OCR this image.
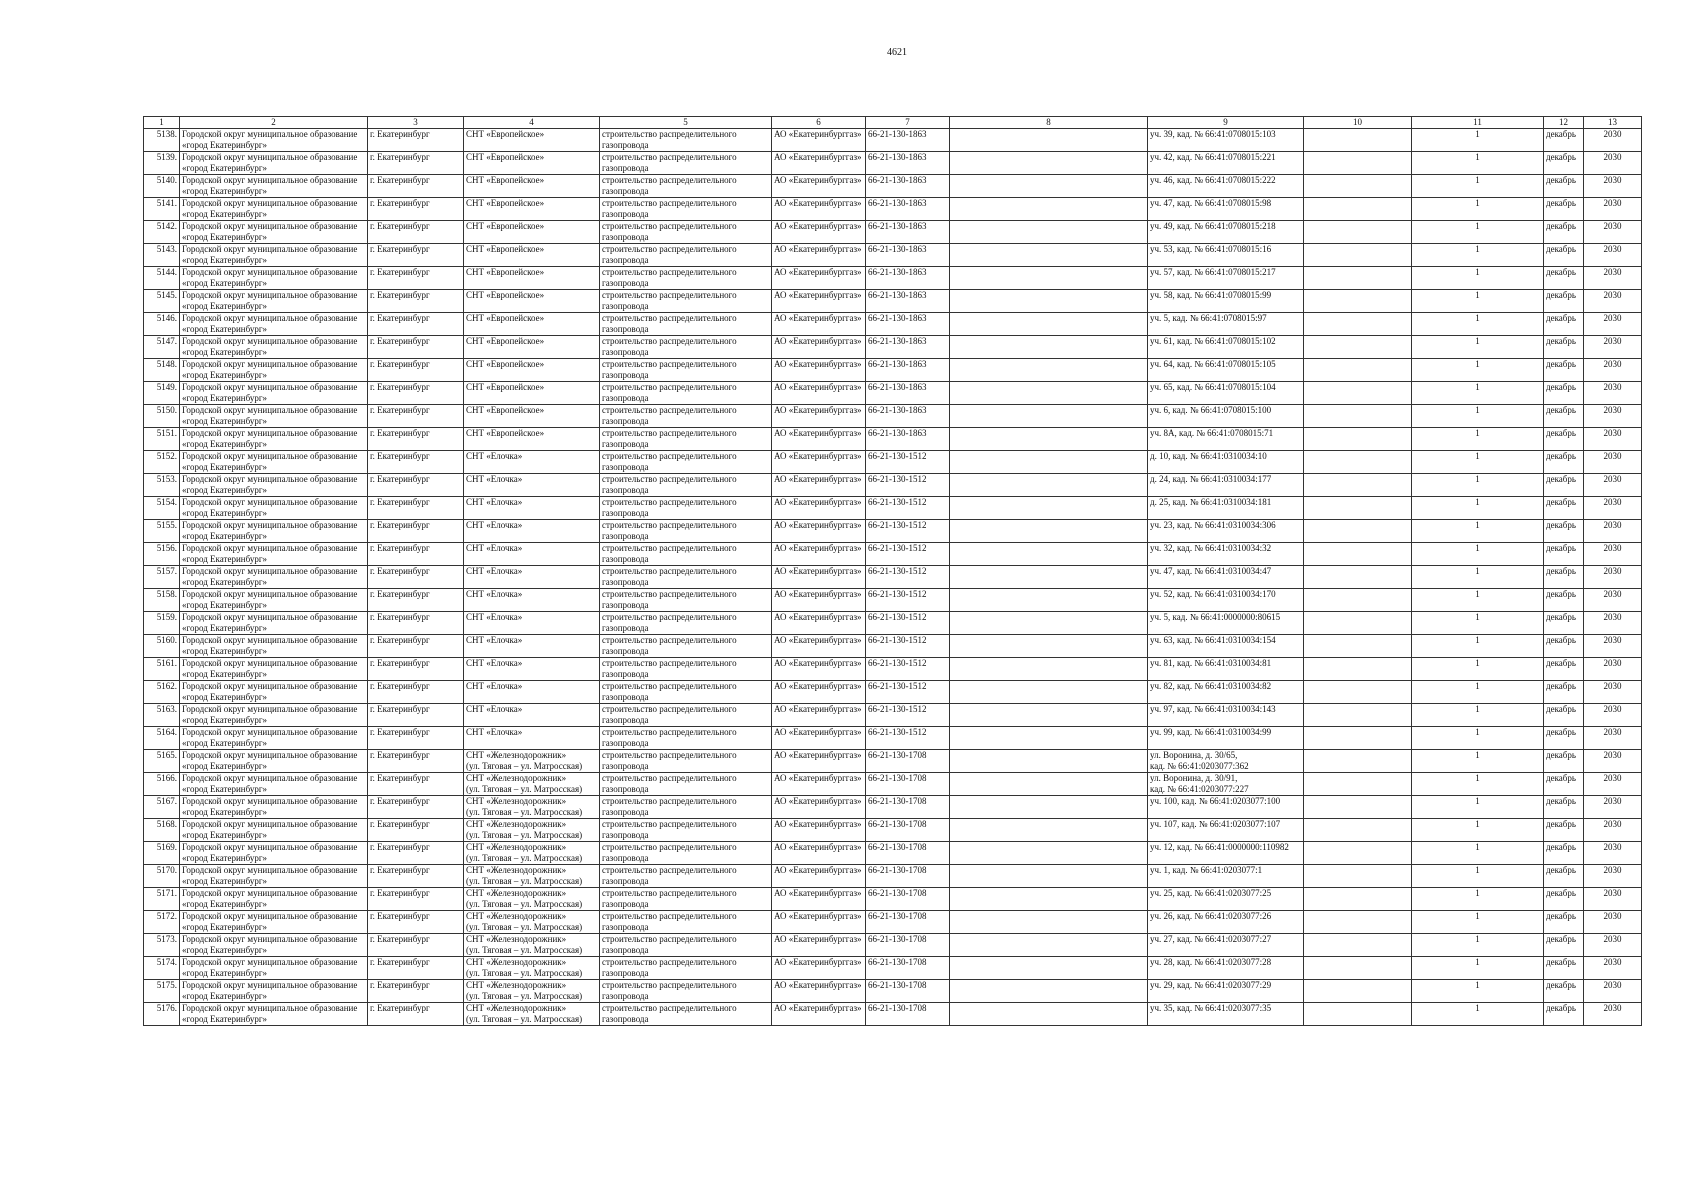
4621
1	2	3	4	5	6	7	8	9	10	11	12	13

5138.	Городской округ муниципальное образование
«город Екатеринбург»	г. Екатеринбург	СНТ «Европейское»	строительство распределительного
газопровода	АО «Екатеринбурггаз»	66-21-130-1863		уч. 39, кад. № 66:41:0708015:103		1	декабрь	2030

5139.	Городской округ муниципальное образование
«город Екатеринбург»	г. Екатеринбург	СНТ «Европейское»	строительство распределительного
газопровода	АО «Екатеринбурггаз»	66-21-130-1863		уч. 42, кад. № 66:41:0708015:221		1	декабрь	2030

5140.	Городской округ муниципальное образование
«город Екатеринбург»	г. Екатеринбург	СНТ «Европейское»	строительство распределительного
газопровода	АО «Екатеринбурггаз»	66-21-130-1863		уч. 46, кад. № 66:41:0708015:222		1	декабрь	2030

5141.	Городской округ муниципальное образование
«город Екатеринбург»	г. Екатеринбург	СНТ «Европейское»	строительство распределительного
газопровода	АО «Екатеринбурггаз»	66-21-130-1863		уч. 47, кад. № 66:41:0708015:98		1	декабрь	2030

5142.	Городской округ муниципальное образование
«город Екатеринбург»	г. Екатеринбург	СНТ «Европейское»	строительство распределительного
газопровода	АО «Екатеринбурггаз»	66-21-130-1863		уч. 49, кад. № 66:41:0708015:218		1	декабрь	2030

5143.	Городской округ муниципальное образование
«город Екатеринбург»	г. Екатеринбург	СНТ «Европейское»	строительство распределительного
газопровода	АО «Екатеринбурггаз»	66-21-130-1863		уч. 53, кад. № 66:41:0708015:16		1	декабрь	2030

5144.	Городской округ муниципальное образование
«город Екатеринбург»	г. Екатеринбург	СНТ «Европейское»	строительство распределительного
газопровода	АО «Екатеринбурггаз»	66-21-130-1863		уч. 57, кад. № 66:41:0708015:217		1	декабрь	2030

5145.	Городской округ муниципальное образование
«город Екатеринбург»	г. Екатеринбург	СНТ «Европейское»	строительство распределительного
газопровода	АО «Екатеринбурггаз»	66-21-130-1863		уч. 58, кад. № 66:41:0708015:99		1	декабрь	2030

5146.	Городской округ муниципальное образование
«город Екатеринбург»	г. Екатеринбург	СНТ «Европейское»	строительство распределительного
газопровода	АО «Екатеринбурггаз»	66-21-130-1863		уч. 5, кад. № 66:41:0708015:97		1	декабрь	2030

5147.	Городской округ муниципальное образование
«город Екатеринбург»	г. Екатеринбург	СНТ «Европейское»	строительство распределительного
газопровода	АО «Екатеринбурггаз»	66-21-130-1863		уч. 61, кад. № 66:41:0708015:102		1	декабрь	2030

5148.	Городской округ муниципальное образование
«город Екатеринбург»	г. Екатеринбург	СНТ «Европейское»	строительство распределительного
газопровода	АО «Екатеринбурггаз»	66-21-130-1863		уч. 64, кад. № 66:41:0708015:105		1	декабрь	2030

5149.	Городской округ муниципальное образование
«город Екатеринбург»	г. Екатеринбург	СНТ «Европейское»	строительство распределительного
газопровода	АО «Екатеринбурггаз»	66-21-130-1863		уч. 65, кад. № 66:41:0708015:104		1	декабрь	2030

5150.	Городской округ муниципальное образование
«город Екатеринбург»	г. Екатеринбург	СНТ «Европейское»	строительство распределительного
газопровода	АО «Екатеринбурггаз»	66-21-130-1863		уч. 6, кад. № 66:41:0708015:100		1	декабрь	2030

5151.	Городской округ муниципальное образование
«город Екатеринбург»	г. Екатеринбург	СНТ «Европейское»	строительство распределительного
газопровода	АО «Екатеринбурггаз»	66-21-130-1863		уч. 8А, кад. № 66:41:0708015:71		1	декабрь	2030

5152.	Городской округ муниципальное образование
«город Екатеринбург»	г. Екатеринбург	СНТ «Елочка»	строительство распределительного
газопровода	АО «Екатеринбурггаз»	66-21-130-1512		д. 10, кад. № 66:41:0310034:10		1	декабрь	2030

5153.	Городской округ муниципальное образование
«город Екатеринбург»	г. Екатеринбург	СНТ «Елочка»	строительство распределительного
газопровода	АО «Екатеринбурггаз»	66-21-130-1512		д. 24, кад. № 66:41:0310034:177		1	декабрь	2030

5154.	Городской округ муниципальное образование
«город Екатеринбург»	г. Екатеринбург	СНТ «Елочка»	строительство распределительного
газопровода	АО «Екатеринбурггаз»	66-21-130-1512		д. 25, кад. № 66:41:0310034:181		1	декабрь	2030

5155.	Городской округ муниципальное образование
«город Екатеринбург»	г. Екатеринбург	СНТ «Елочка»	строительство распределительного
газопровода	АО «Екатеринбурггаз»	66-21-130-1512		уч. 23, кад. № 66:41:0310034:306		1	декабрь	2030

5156.	Городской округ муниципальное образование
«город Екатеринбург»	г. Екатеринбург	СНТ «Елочка»	строительство распределительного
газопровода	АО «Екатеринбурггаз»	66-21-130-1512		уч. 32, кад. № 66:41:0310034:32		1	декабрь	2030

5157.	Городской округ муниципальное образование
«город Екатеринбург»	г. Екатеринбург	СНТ «Елочка»	строительство распределительного
газопровода	АО «Екатеринбурггаз»	66-21-130-1512		уч. 47, кад. № 66:41:0310034:47		1	декабрь	2030

5158.	Городской округ муниципальное образование
«город Екатеринбург»	г. Екатеринбург	СНТ «Елочка»	строительство распределительного
газопровода	АО «Екатеринбурггаз»	66-21-130-1512		уч. 52, кад. № 66:41:0310034:170		1	декабрь	2030

5159.	Городской округ муниципальное образование
«город Екатеринбург»	г. Екатеринбург	СНТ «Елочка»	строительство распределительного
газопровода	АО «Екатеринбурггаз»	66-21-130-1512		уч. 5, кад. № 66:41:0000000:80615		1	декабрь	2030

5160.	Городской округ муниципальное образование
«город Екатеринбург»	г. Екатеринбург	СНТ «Елочка»	строительство распределительного
газопровода	АО «Екатеринбурггаз»	66-21-130-1512		уч. 63, кад. № 66:41:0310034:154		1	декабрь	2030

5161.	Городской округ муниципальное образование
«город Екатеринбург»	г. Екатеринбург	СНТ «Елочка»	строительство распределительного
газопровода	АО «Екатеринбурггаз»	66-21-130-1512		уч. 81, кад. № 66:41:0310034:81		1	декабрь	2030

5162.	Городской округ муниципальное образование
«город Екатеринбург»	г. Екатеринбург	СНТ «Елочка»	строительство распределительного
газопровода	АО «Екатеринбурггаз»	66-21-130-1512		уч. 82, кад. № 66:41:0310034:82		1	декабрь	2030

5163.	Городской округ муниципальное образование
«город Екатеринбург»	г. Екатеринбург	СНТ «Елочка»	строительство распределительного
газопровода	АО «Екатеринбурггаз»	66-21-130-1512		уч. 97, кад. № 66:41:0310034:143		1	декабрь	2030

5164.	Городской округ муниципальное образование
«город Екатеринбург»	г. Екатеринбург	СНТ «Елочка»	строительство распределительного
газопровода	АО «Екатеринбурггаз»	66-21-130-1512		уч. 99, кад. № 66:41:0310034:99		1	декабрь	2030

5165.	Городской округ муниципальное образование
«город Екатеринбург»	г. Екатеринбург	СНТ «Железнодорожник»
(ул. Тяговая – ул. Матросская)	строительство распределительного
газопровода	АО «Екатеринбурггаз»	66-21-130-1708		ул. Воронина, д. 30/65,
кад. № 66:41:0203077:362		1	декабрь	2030

5166.	Городской округ муниципальное образование
«город Екатеринбург»	г. Екатеринбург	СНТ «Железнодорожник»
(ул. Тяговая – ул. Матросская)	строительство распределительного
газопровода	АО «Екатеринбурггаз»	66-21-130-1708		ул. Воронина, д. 30/91,
кад. № 66:41:0203077:227		1	декабрь	2030

5167.	Городской округ муниципальное образование
«город Екатеринбург»	г. Екатеринбург	СНТ «Железнодорожник»
(ул. Тяговая – ул. Матросская)	строительство распределительного
газопровода	АО «Екатеринбурггаз»	66-21-130-1708		уч. 100, кад. № 66:41:0203077:100		1	декабрь	2030

5168.	Городской округ муниципальное образование
«город Екатеринбург»	г. Екатеринбург	СНТ «Железнодорожник»
(ул. Тяговая – ул. Матросская)	строительство распределительного
газопровода	АО «Екатеринбурггаз»	66-21-130-1708		уч. 107, кад. № 66:41:0203077:107		1	декабрь	2030

5169.	Городской округ муниципальное образование
«город Екатеринбург»	г. Екатеринбург	СНТ «Железнодорожник»
(ул. Тяговая – ул. Матросская)	строительство распределительного
газопровода	АО «Екатеринбурггаз»	66-21-130-1708		уч. 12, кад. № 66:41:0000000:110982		1	декабрь	2030

5170.	Городской округ муниципальное образование
«город Екатеринбург»	г. Екатеринбург	СНТ «Железнодорожник»
(ул. Тяговая – ул. Матросская)	строительство распределительного
газопровода	АО «Екатеринбурггаз»	66-21-130-1708		уч. 1, кад. № 66:41:0203077:1		1	декабрь	2030

5171.	Городской округ муниципальное образование
«город Екатеринбург»	г. Екатеринбург	СНТ «Железнодорожник»
(ул. Тяговая – ул. Матросская)	строительство распределительного
газопровода	АО «Екатеринбурггаз»	66-21-130-1708		уч. 25, кад. № 66:41:0203077:25		1	декабрь	2030

5172.	Городской округ муниципальное образование
«город Екатеринбург»	г. Екатеринбург	СНТ «Железнодорожник»
(ул. Тяговая – ул. Матросская)	строительство распределительного
газопровода	АО «Екатеринбурггаз»	66-21-130-1708		уч. 26, кад. № 66:41:0203077:26		1	декабрь	2030

5173.	Городской округ муниципальное образование
«город Екатеринбург»	г. Екатеринбург	СНТ «Железнодорожник»
(ул. Тяговая – ул. Матросская)	строительство распределительного
газопровода	АО «Екатеринбурггаз»	66-21-130-1708		уч. 27, кад. № 66:41:0203077:27		1	декабрь	2030

5174.	Городской округ муниципальное образование
«город Екатеринбург»	г. Екатеринбург	СНТ «Железнодорожник»
(ул. Тяговая – ул. Матросская)	строительство распределительного
газопровода	АО «Екатеринбурггаз»	66-21-130-1708		уч. 28, кад. № 66:41:0203077:28		1	декабрь	2030

5175.	Городской округ муниципальное образование
«город Екатеринбург»	г. Екатеринбург	СНТ «Железнодорожник»
(ул. Тяговая – ул. Матросская)	строительство распределительного
газопровода	АО «Екатеринбурггаз»	66-21-130-1708		уч. 29, кад. № 66:41:0203077:29		1	декабрь	2030

5176.	Городской округ муниципальное образование
«город Екатеринбург»	г. Екатеринбург	СНТ «Железнодорожник»
(ул. Тяговая – ул. Матросская)	строительство распределительного
газопровода	АО «Екатеринбурггаз»	66-21-130-1708		уч. 35, кад. № 66:41:0203077:35		1	декабрь	2030
